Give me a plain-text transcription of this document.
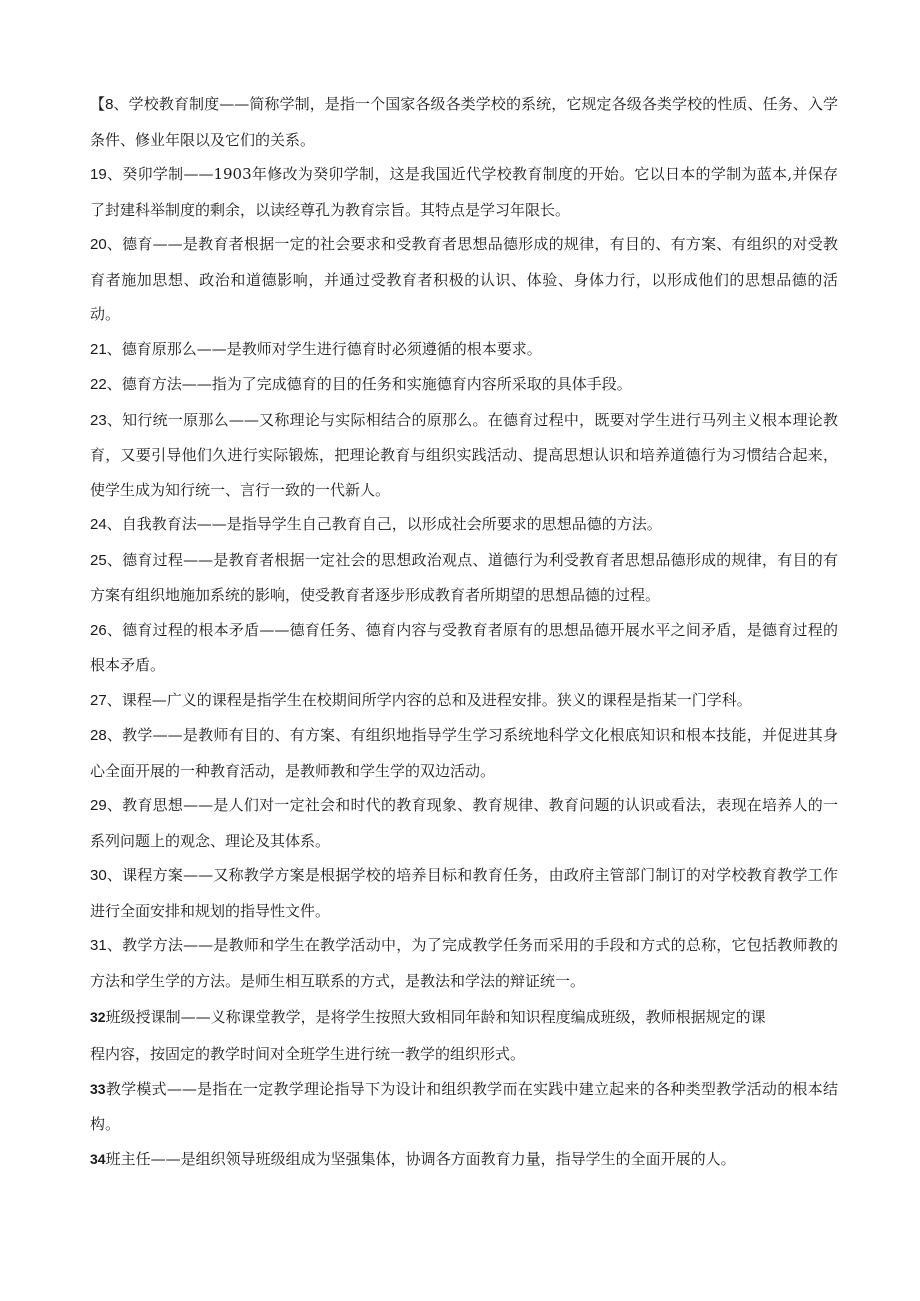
【8、学校教育制度——简称学制，是指一个国家各级各类学校的系统，它规定各级各类学校的性质、任务、入学条件、修业年限以及它们的关系。

19、癸卯学制——1903年修改为癸卯学制，这是我国近代学校教育制度的开始。它以日本的学制为蓝本,并保存了封建科举制度的剩余，以读经尊孔为教育宗旨。其特点是学习年限长。

20、德育——是教育者根据一定的社会要求和受教育者思想品德形成的规律，有目的、有方案、有组织的对受教育者施加思想、政治和道德影响，并通过受教育者积极的认识、体验、身体力行，以形成他们的思想品德的活动。

21、德育原那么——是教师对学生进行德育时必须遵循的根本要求。

22、德育方法——指为了完成德育的目的任务和实施德育内容所采取的具体手段。

23、知行统一原那么——又称理论与实际相结合的原那么。在德育过程中，既要对学生进行马列主义根本理论教育，又要引导他们久进行实际锻炼，把理论教育与组织实践活动、提高思想认识和培养道德行为习惯结合起来，使学生成为知行统一、言行一致的一代新人。

24、自我教育法——是指导学生自己教育自己，以形成社会所要求的思想品德的方法。

25、德育过程——是教育者根据一定社会的思想政治观点、道德行为利受教育者思想品德形成的规律，有目的有方案有组织地施加系统的影响，使受教育者逐步形成教育者所期望的思想品德的过程。

26、德育过程的根本矛盾——德育任务、德育内容与受教育者原有的思想品德开展水平之间矛盾，是德育过程的根本矛盾。

27、课程—广义的课程是指学生在校期间所学内容的总和及进程安排。狭义的课程是指某一门学科。

28、教学——是教师有目的、有方案、有组织地指导学生学习系统地科学文化根底知识和根本技能，并促进其身心全面开展的一种教育活动，是教师教和学生学的双边活动。

29、教育思想——是人们对一定社会和时代的教育现象、教育规律、教育问题的认识或看法，表现在培养人的一系列问题上的观念、理论及其体系。

30、课程方案——又称教学方案是根据学校的培养目标和教育任务，由政府主管部门制订的对学校教育教学工作进行全面安排和规划的指导性文件。

31、教学方法——是教师和学生在教学活动中，为了完成教学任务而采用的手段和方式的总称，它包括教师教的方法和学生学的方法。是师生相互联系的方式，是教法和学法的辩证统一。

32班级授课制——义称课堂教学，是将学生按照大致相同年龄和知识程度编成班级，教师根据规定的课

程内容，按固定的教学时间对全班学生进行统一教学的组织形式。

33教学模式——是指在一定教学理论指导下为设计和组织教学而在实践中建立起来的各种类型教学活动的根本结构。

34班主任——是组织领导班级组成为坚强集体，协调各方面教育力量，指导学生的全面开展的人。
